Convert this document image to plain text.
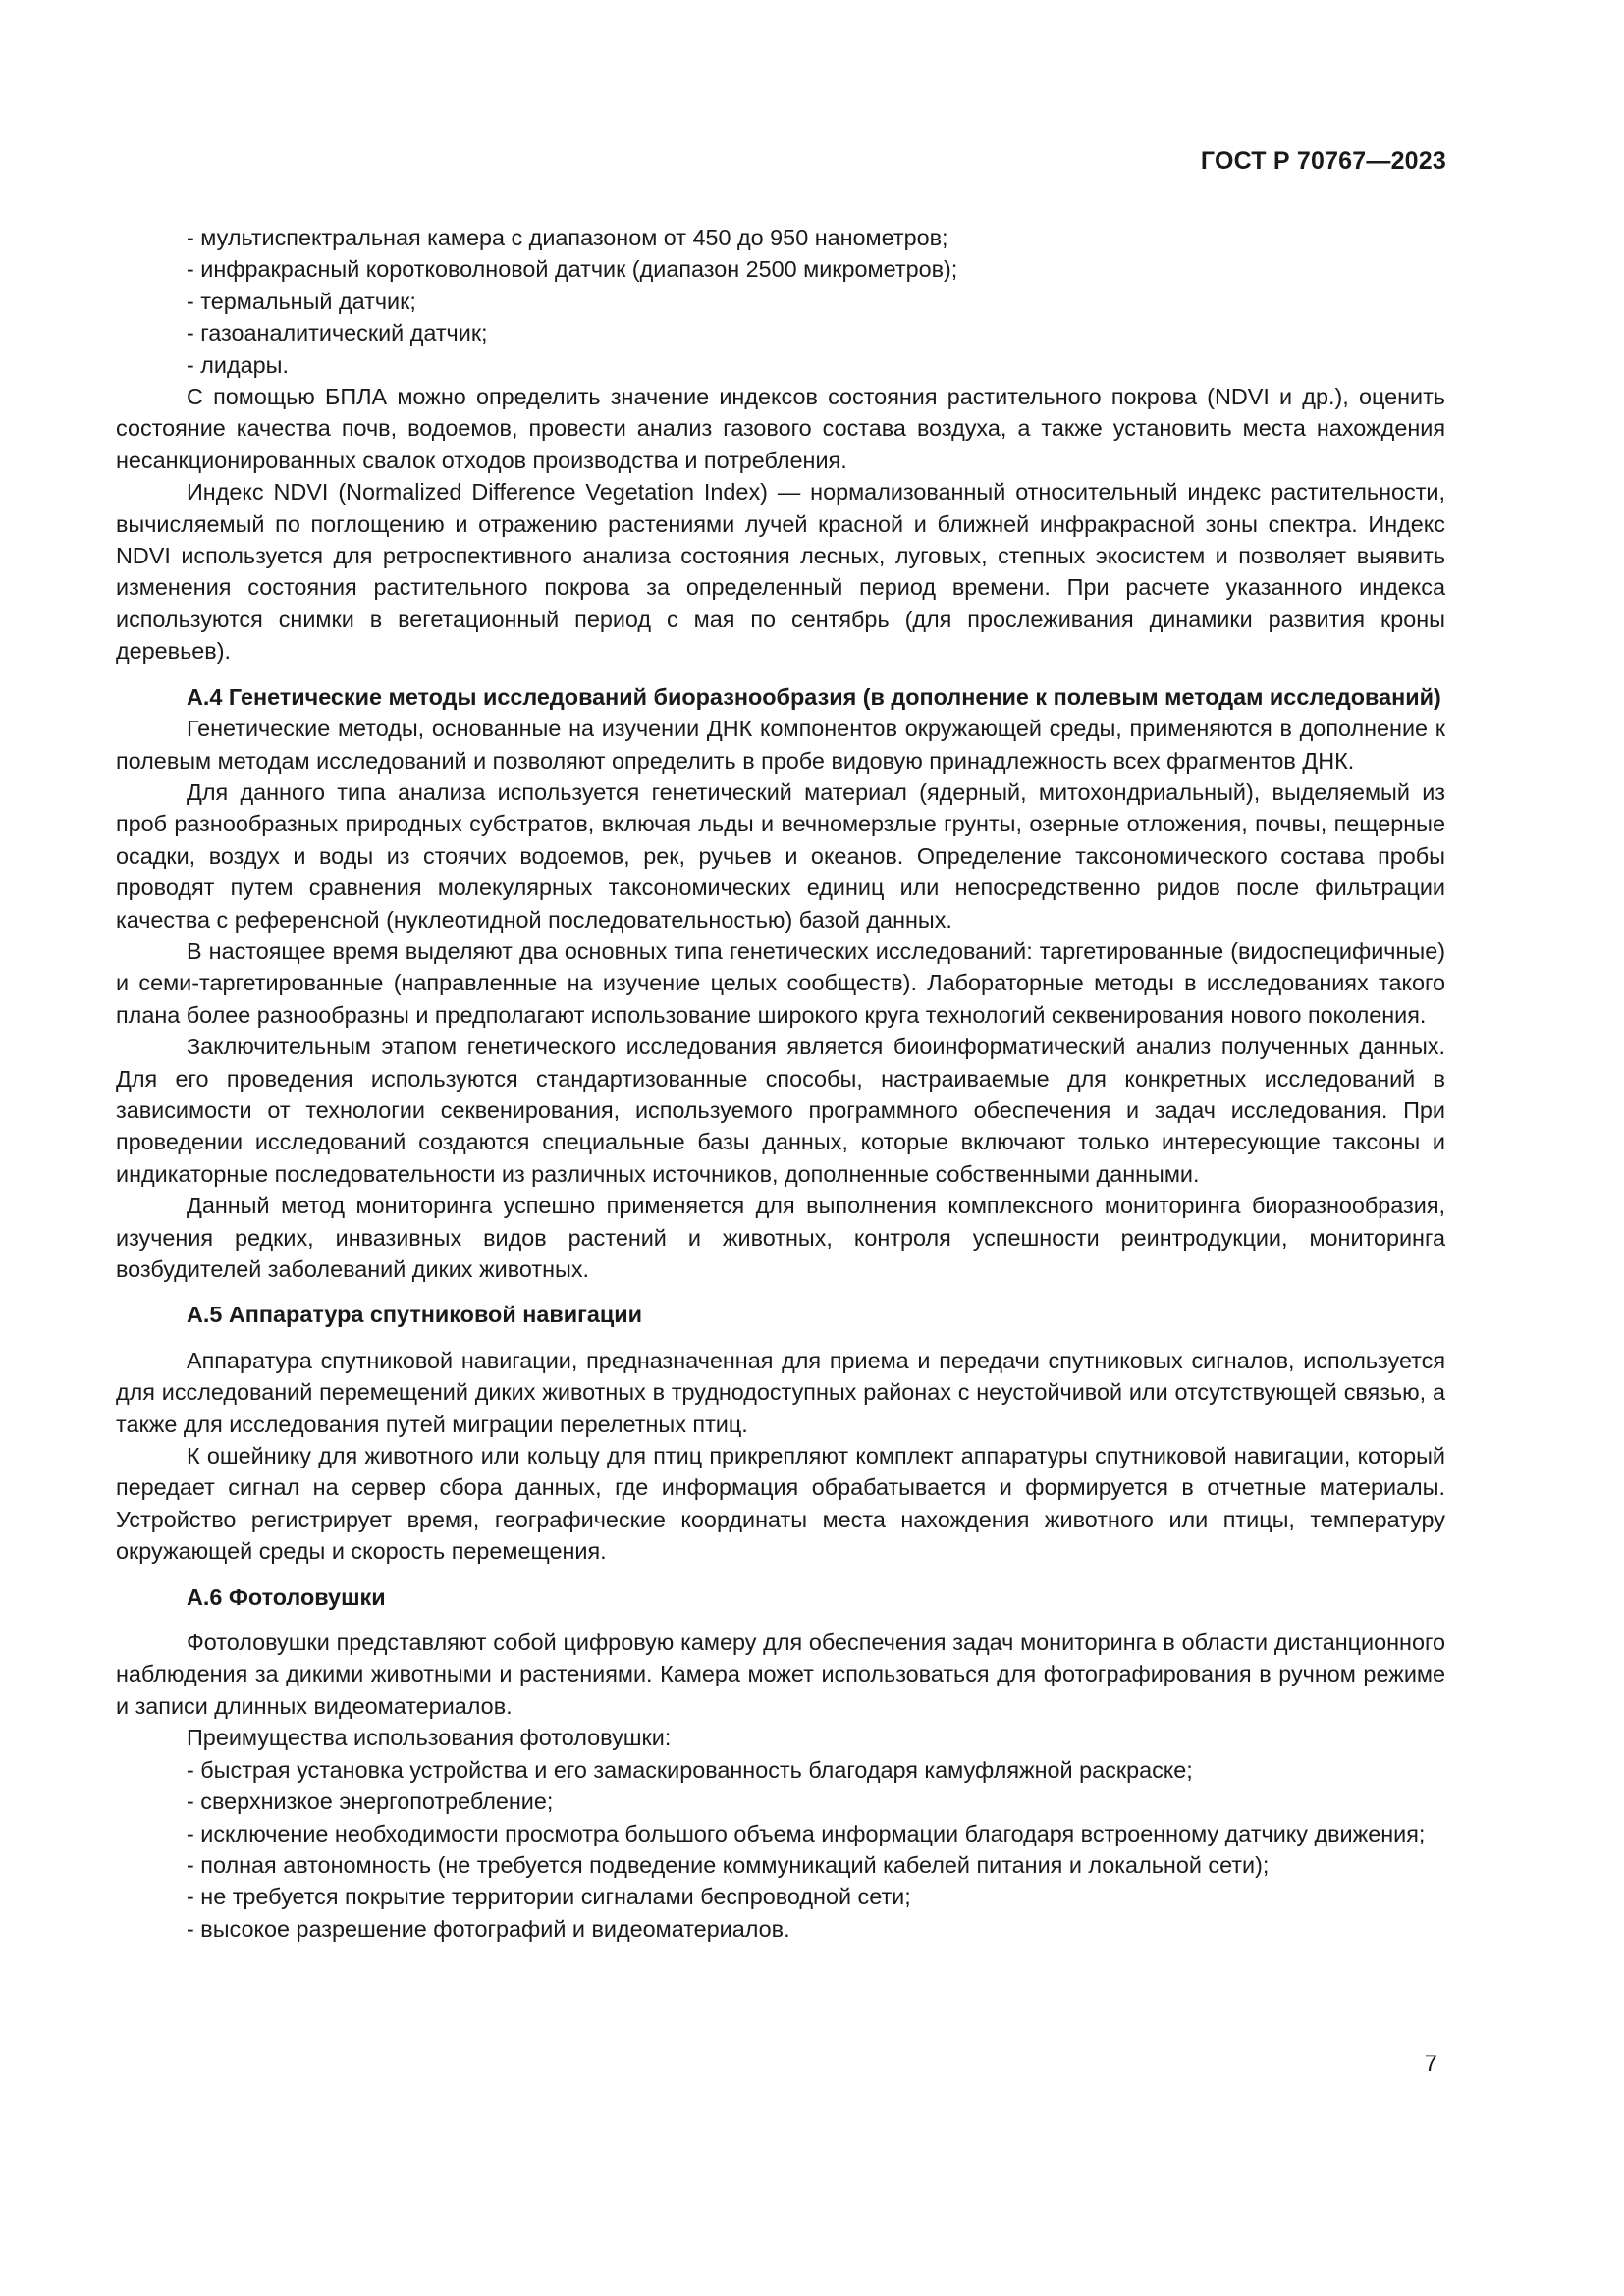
ГОСТ Р 70767—2023

- мультиспектральная камера с диапазоном от 450 до 950 нанометров;

- инфракрасный коротковолновой датчик (диапазон 2500 микрометров);

- термальный датчик;

- газоаналитический датчик;

- лидары.

С помощью БПЛА можно определить значение индексов состояния растительного покрова (NDVI и др.), оценить состояние качества почв, водоемов, провести анализ газового состава воздуха, а также установить места нахождения несанкционированных свалок отходов производства и потребления.

Индекс NDVI (Normalized Difference Vegetation Index) — нормализованный относительный индекс растительности, вычисляемый по поглощению и отражению растениями лучей красной и ближней инфракрасной зоны спектра. Индекс NDVI используется для ретроспективного анализа состояния лесных, луговых, степных экосистем и позволяет выявить изменения состояния растительного покрова за определенный период времени. При расчете указанного индекса используются снимки в вегетационный период с мая по сентябрь (для прослеживания динамики развития кроны деревьев).

А.4 Генетические методы исследований биоразнообразия (в дополнение к полевым методам исследований)

Генетические методы, основанные на изучении ДНК компонентов окружающей среды, применяются в дополнение к полевым методам исследований и позволяют определить в пробе видовую принадлежность всех фрагментов ДНК.

Для данного типа анализа используется генетический материал (ядерный, митохондриальный), выделяемый из проб разнообразных природных субстратов, включая льды и вечномерзлые грунты, озерные отложения, почвы, пещерные осадки, воздух и воды из стоячих водоемов, рек, ручьев и океанов. Определение таксономического состава пробы проводят путем сравнения молекулярных таксономических единиц или непосредственно ридов после фильтрации качества с референсной (нуклеотидной последовательностью) базой данных.

В настоящее время выделяют два основных типа генетических исследований: таргетированные (видоспецифичные) и семи-таргетированные (направленные на изучение целых сообществ). Лабораторные методы в исследованиях такого плана более разнообразны и предполагают использование широкого круга технологий секвенирования нового поколения.

Заключительным этапом генетического исследования является биоинформатический анализ полученных данных. Для его проведения используются стандартизованные способы, настраиваемые для конкретных исследований в зависимости от технологии секвенирования, используемого программного обеспечения и задач исследования. При проведении исследований создаются специальные базы данных, которые включают только интересующие таксоны и индикаторные последовательности из различных источников, дополненные собственными данными.

Данный метод мониторинга успешно применяется для выполнения комплексного мониторинга биоразнообразия, изучения редких, инвазивных видов растений и животных, контроля успешности реинтродукции, мониторинга возбудителей заболеваний диких животных.

А.5 Аппаратура спутниковой навигации

Аппаратура спутниковой навигации, предназначенная для приема и передачи спутниковых сигналов, используется для исследований перемещений диких животных в труднодоступных районах с неустойчивой или отсутствующей связью, а также для исследования путей миграции перелетных птиц.

К ошейнику для животного или кольцу для птиц прикрепляют комплект аппаратуры спутниковой навигации, который передает сигнал на сервер сбора данных, где информация обрабатывается и формируется в отчетные материалы. Устройство регистрирует время, географические координаты места нахождения животного или птицы, температуру окружающей среды и скорость перемещения.

А.6 Фотоловушки

Фотоловушки представляют собой цифровую камеру для обеспечения задач мониторинга в области дистанционного наблюдения за дикими животными и растениями. Камера может использоваться для фотографирования в ручном режиме и записи длинных видеоматериалов.

Преимущества использования фотоловушки:

- быстрая установка устройства и его замаскированность благодаря камуфляжной раскраске;

- сверхнизкое энергопотребление;

- исключение необходимости просмотра большого объема информации благодаря встроенному датчику движения;

- полная автономность (не требуется подведение коммуникаций кабелей питания и локальной сети);

- не требуется покрытие территории сигналами беспроводной сети;

- высокое разрешение фотографий и видеоматериалов.

7
